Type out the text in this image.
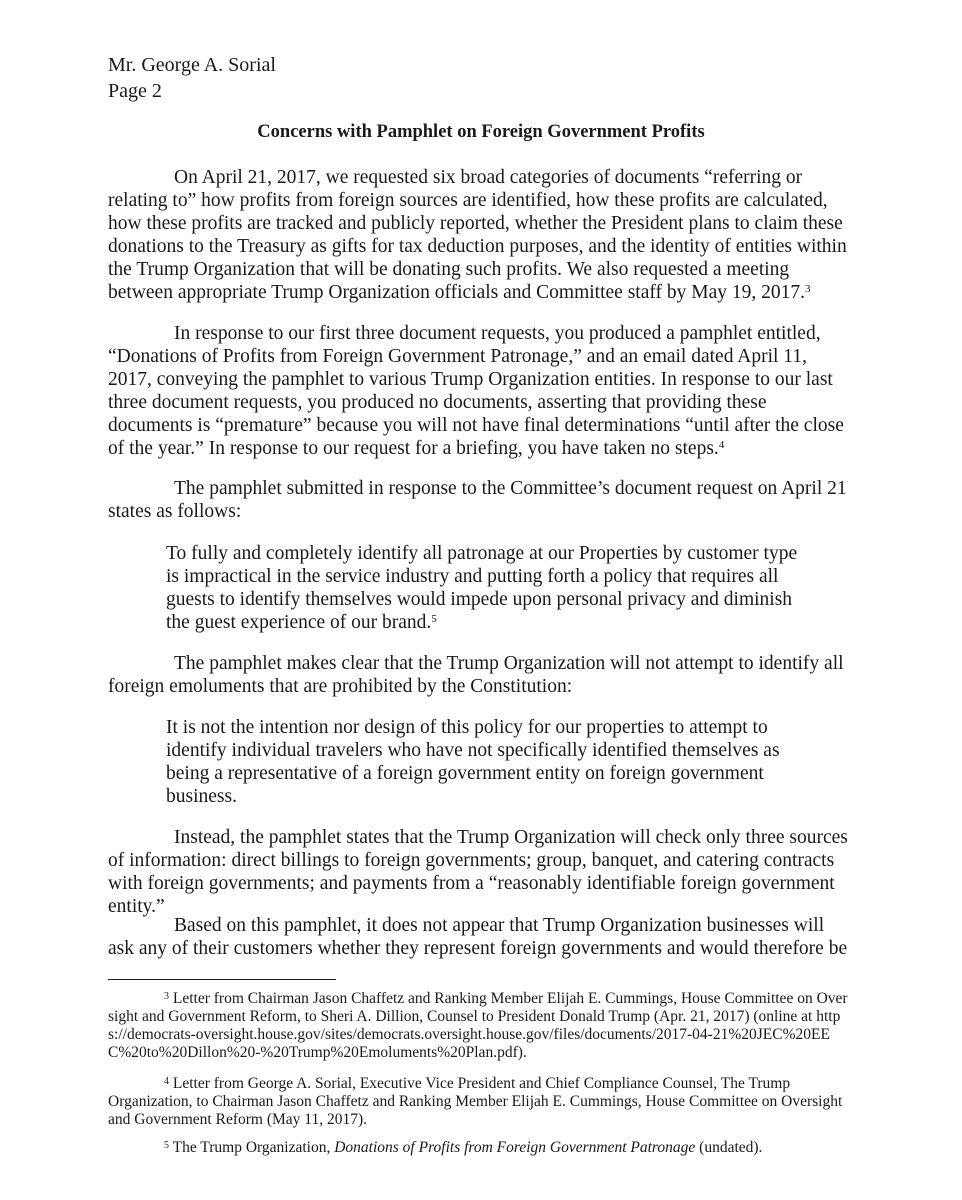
Mr. George A. Sorial
Page 2
Concerns with Pamphlet on Foreign Government Profits
On April 21, 2017, we requested six broad categories of documents “referring or relating to” how profits from foreign sources are identified, how these profits are calculated, how these profits are tracked and publicly reported, whether the President plans to claim these donations to the Treasury as gifts for tax deduction purposes, and the identity of entities within the Trump Organization that will be donating such profits. We also requested a meeting between appropriate Trump Organization officials and Committee staff by May 19, 2017.$^3$
In response to our first three document requests, you produced a pamphlet entitled, “Donations of Profits from Foreign Government Patronage,” and an email dated April 11, 2017, conveying the pamphlet to various Trump Organization entities. In response to our last three document requests, you produced no documents, asserting that providing these documents is “premature” because you will not have final determinations “until after the close of the year.” In response to our request for a briefing, you have taken no steps.$^4$
The pamphlet submitted in response to the Committee’s document request on April 21 states as follows:
To fully and completely identify all patronage at our Properties by customer type is impractical in the service industry and putting forth a policy that requires all guests to identify themselves would impede upon personal privacy and diminish the guest experience of our brand.$^5$
The pamphlet makes clear that the Trump Organization will not attempt to identify all foreign emoluments that are prohibited by the Constitution:
It is not the intention nor design of this policy for our properties to attempt to identify individual travelers who have not specifically identified themselves as being a representative of a foreign government entity on foreign government business.
Instead, the pamphlet states that the Trump Organization will check only three sources of information: direct billings to foreign governments; group, banquet, and catering contracts with foreign governments; and payments from a “reasonably identifiable foreign government entity.”
Based on this pamphlet, it does not appear that Trump Organization businesses will ask any of their customers whether they represent foreign governments and would therefore be
$^3$ Letter from Chairman Jason Chaffetz and Ranking Member Elijah E. Cummings, House Committee on Oversight and Government Reform, to Sheri A. Dillion, Counsel to President Donald Trump (Apr. 21, 2017) (online at https://democrats-oversight.house.gov/sites/democrats.oversight.house.gov/files/documents/2017-04-21%20JEC%20EEC%20to%20Dillon%20-%20Trump%20Emoluments%20Plan.pdf).
$^4$ Letter from George A. Sorial, Executive Vice President and Chief Compliance Counsel, The Trump Organization, to Chairman Jason Chaffetz and Ranking Member Elijah E. Cummings, House Committee on Oversight and Government Reform (May 11, 2017).
$^5$ The Trump Organization, Donations of Profits from Foreign Government Patronage (undated).
